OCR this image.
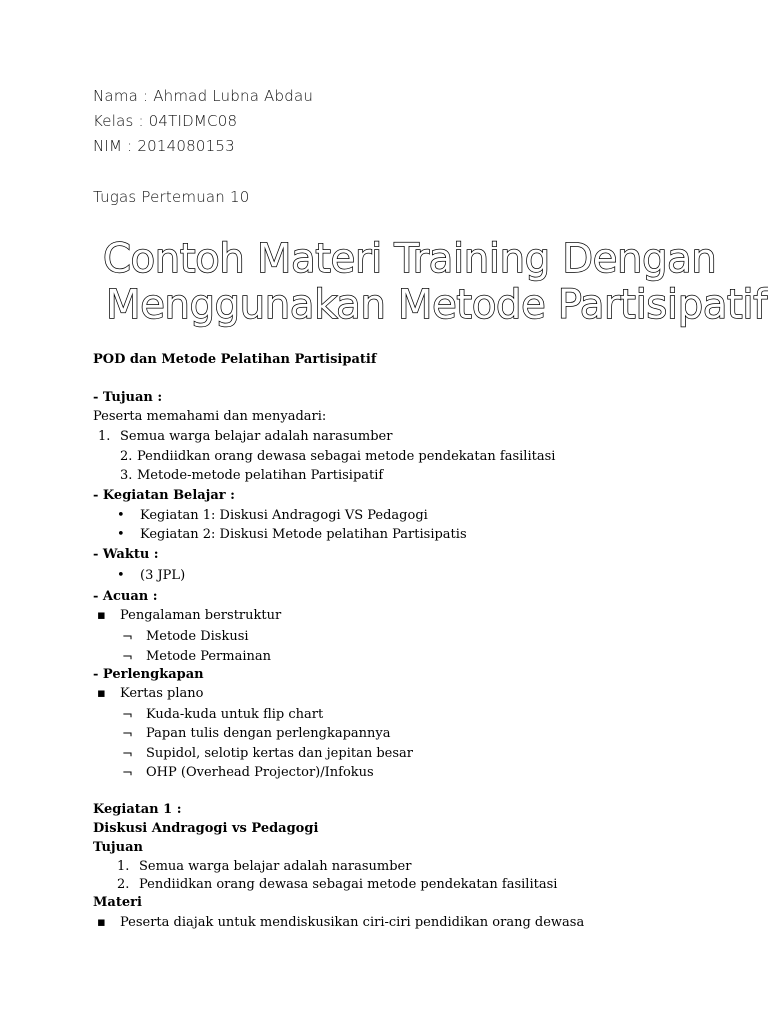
Nama : Ahmad Lubna Abdau
Kelas : 04TIDMC08
NIM : 2014080153
Tugas Pertemuan 10
Contoh Materi Training Dengan
Menggunakan Metode Partisipatif
POD dan Metode Pelatihan Partisipatif
- Tujuan :
Peserta memahami dan menyadari:
1. Semua warga belajar adalah narasumber
2. Pendiidkan orang dewasa sebagai metode pendekatan fasilitasi
3. Metode-metode pelatihan Partisipatif
- Kegiatan Belajar :
• Kegiatan 1: Diskusi Andragogi VS Pedagogi
• Kegiatan 2: Diskusi Metode pelatihan Partisipatis
- Waktu :
• (3 JPL)
- Acuan :
▪ Pengalaman berstruktur
¬ Metode Diskusi
¬ Metode Permainan
- Perlengkapan
▪ Kertas plano
¬ Kuda-kuda untuk flip chart
¬ Papan tulis dengan perlengkapannya
¬ Supidol, selotip kertas dan jepitan besar
¬ OHP (Overhead Projector)/Infokus
Kegiatan 1 :
Diskusi Andragogi vs Pedagogi
Tujuan
1. Semua warga belajar adalah narasumber
2. Pendiidkan orang dewasa sebagai metode pendekatan fasilitasi
Materi
▪ Peserta diajak untuk mendiskusikan ciri-ciri pendidikan orang dewasa
